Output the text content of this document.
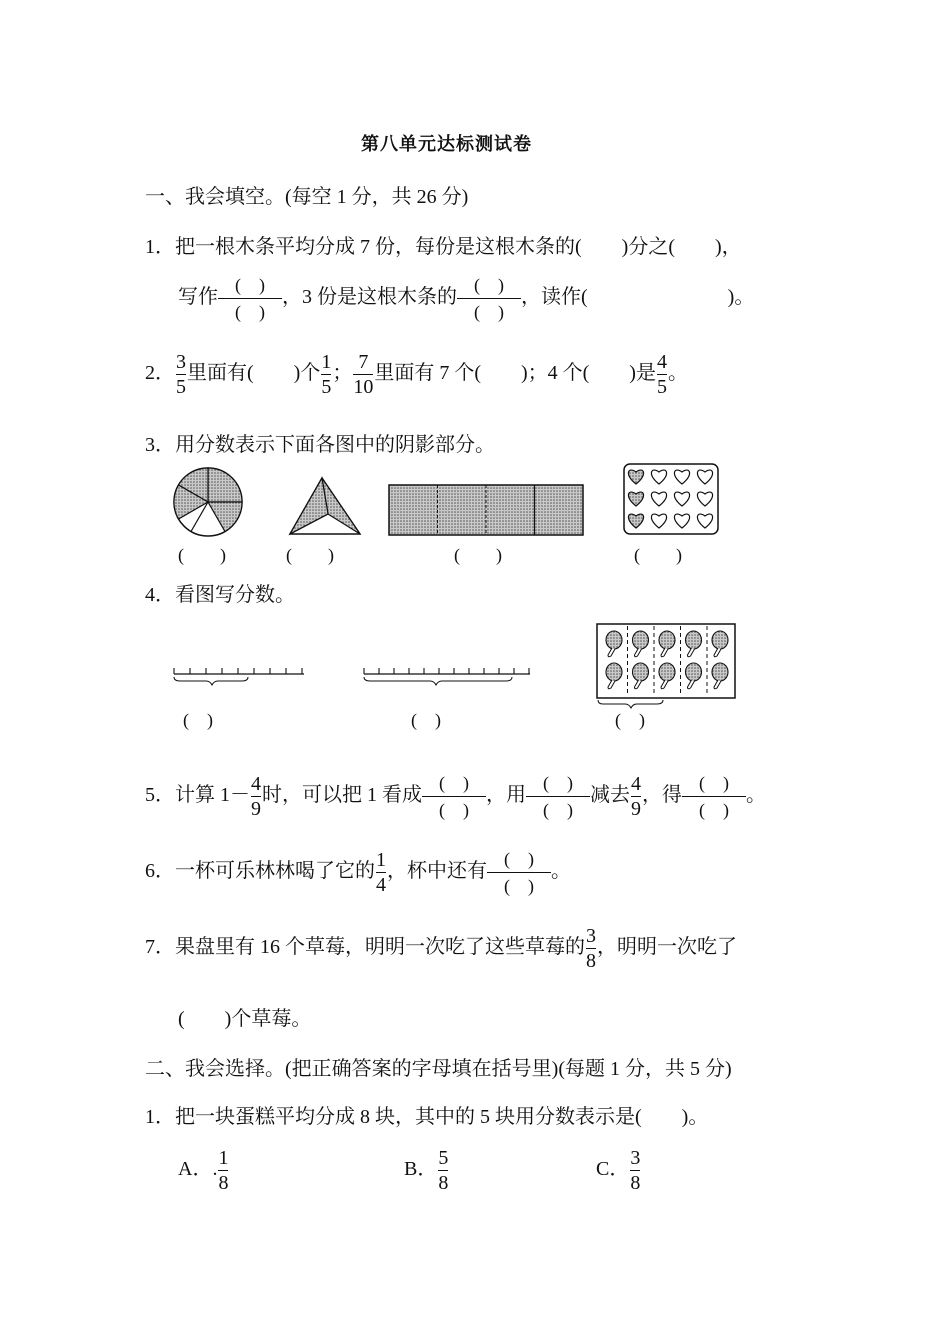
第八单元达标测试卷
一、我会填空。(每空 1 分，共 26 分)
1．把一根木条平均分成 7 份，每份是这根木条的(　　)分之(　　)，
写作
(　)
(　)
，3 份是这根木条的
(　)
(　)
，读作(　　　　　　　)。
2． $\frac{3}{5}$ 里面有(　　)个 $\frac{1}{5}$ ； $\frac{7}{10}$ 里面有 7 个(　　)；4 个(　　)是 $\frac{4}{5}$ 。
3．用分数表示下面各图中的阴影部分。
(　　)	(　　)	(　　)	(　　)
4．看图写分数。
(　)	(　)	(　)
5．计算 $1- \frac{4}{9}$ 时，可以把 1 看成
(　)
(　)
，用
(　)
(　)
减去 $\frac{4}{9}$ ，得
(　)
(　)
。
6．一杯可乐林林喝了它的 $\frac{1}{4}$ ，杯中还有
(　)
(　)
。
7．果盘里有 16 个草莓，明明一次吃了这些草莓的 $\frac{3}{8}$ ，明明一次吃了
(　　)个草莓。
二、我会选择。(把正确答案的字母填在括号里)(每题 1 分，共 5 分)
1．把一块蛋糕平均分成 8 块，其中的 5 块用分数表示是(　　)。
A．. $\frac{1}{8}$	B． $\frac{5}{8}$	C． $\frac{3}{8}$
